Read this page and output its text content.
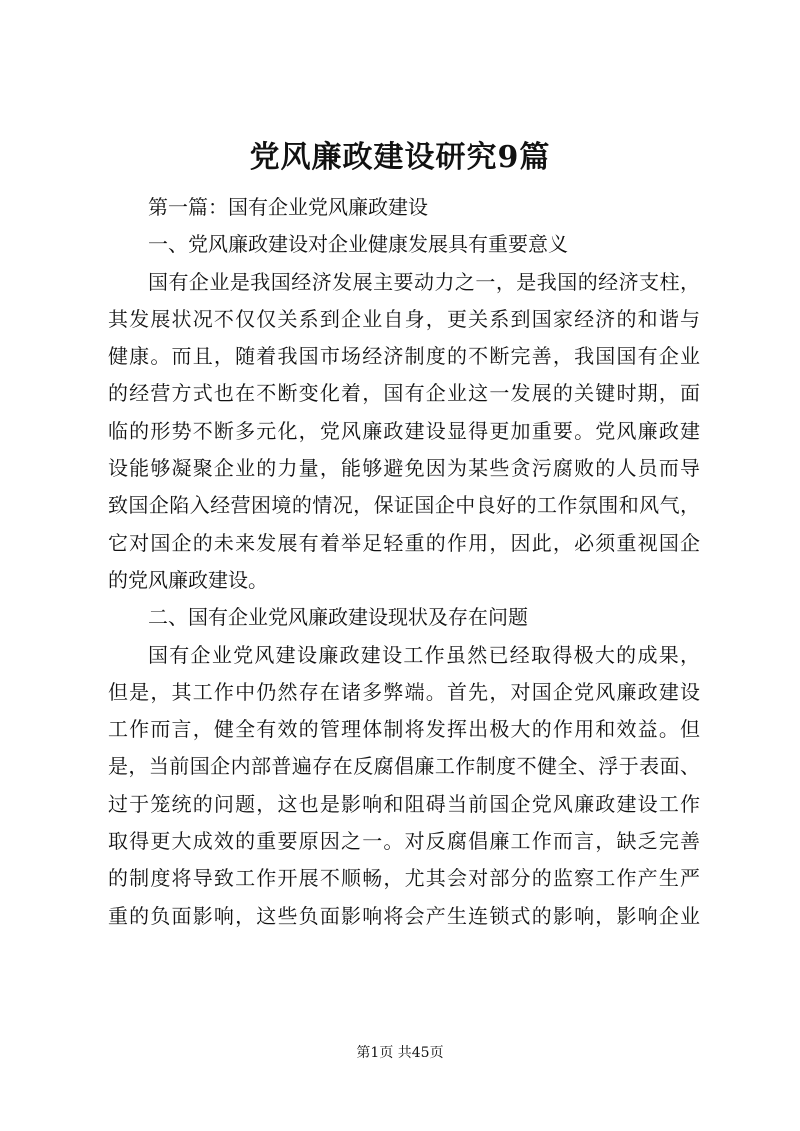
党风廉政建设研究9篇

第一篇：国有企业党风廉政建设

一、党风廉政建设对企业健康发展具有重要意义

国有企业是我国经济发展主要动力之一，是我国的经济支柱，

其发展状况不仅仅关系到企业自身，更关系到国家经济的和谐与

健康。而且，随着我国市场经济制度的不断完善，我国国有企业

的经营方式也在不断变化着，国有企业这一发展的关键时期，面

临的形势不断多元化，党风廉政建设显得更加重要。党风廉政建

设能够凝聚企业的力量，能够避免因为某些贪污腐败的人员而导

致国企陷入经营困境的情况，保证国企中良好的工作氛围和风气，

它对国企的未来发展有着举足轻重的作用，因此，必须重视国企

的党风廉政建设。

二、国有企业党风廉政建设现状及存在问题

国有企业党风建设廉政建设工作虽然已经取得极大的成果，

但是，其工作中仍然存在诸多弊端。首先，对国企党风廉政建设

工作而言，健全有效的管理体制将发挥出极大的作用和效益。但

是，当前国企内部普遍存在反腐倡廉工作制度不健全、浮于表面、

过于笼统的问题，这也是影响和阻碍当前国企党风廉政建设工作

取得更大成效的重要原因之一。对反腐倡廉工作而言，缺乏完善

的制度将导致工作开展不顺畅，尤其会对部分的监察工作产生严

重的负面影响，这些负面影响将会产生连锁式的影响，影响企业

第1页 共45页
